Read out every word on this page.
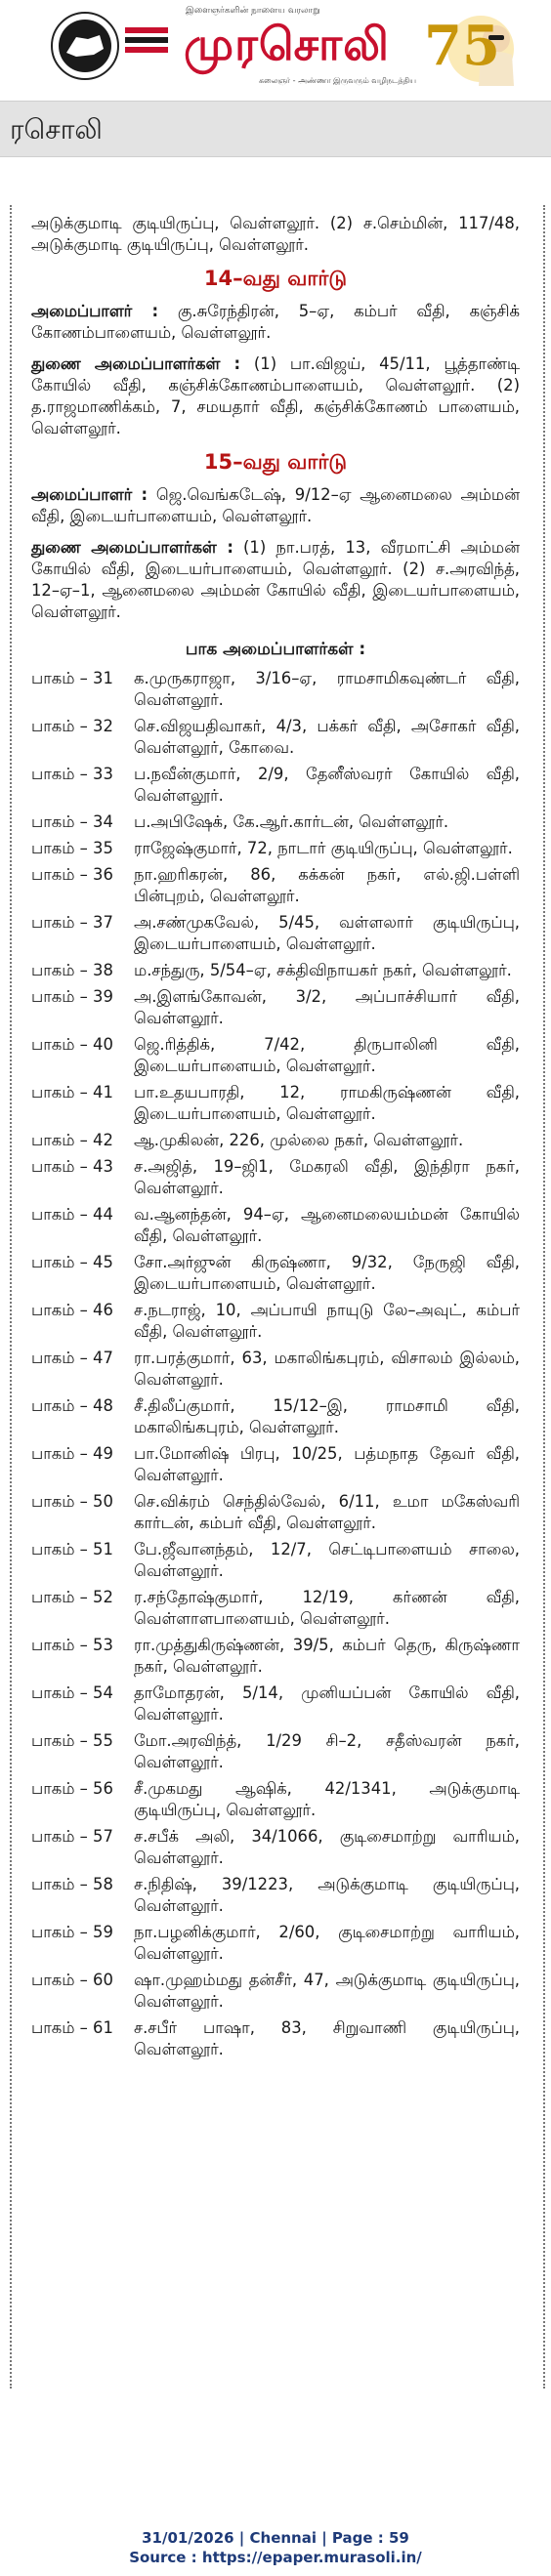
இளைஞர்களின் நாளைய வரலாறு
முரசொலி
கலைஞர் - அண்ணா இருவரும் வழிநடத்திய
75
ரசொலி

அடுக்குமாடி குடியிருப்பு, வெள்ளலூர். (2) ச.செம்மின், 117/48, அடுக்குமாடி குடியிருப்பு, வெள்ளலூர்.

14–வது வார்டு

அமைப்பாளர் : கு.சுரேந்திரன், 5–ஏ, கம்பர் வீதி, கஞ்சிக் கோணம்பாளையம், வெள்ளலூர்.

துணை அமைப்பாளர்கள் : (1) பா.விஜய், 45/11, பூத்தாண்டி கோயில் வீதி, கஞ்சிக்கோணம்பாளையம், வெள்ளலூர். (2) த.ராஜமாணிக்கம், 7, சமயதார் வீதி, கஞ்சிக்கோணம் பாளையம், வெள்ளலூர்.

15–வது வார்டு

அமைப்பாளர் : ஜெ.வெங்கடேஷ், 9/12–ஏ ஆனைமலை அம்மன் வீதி, இடையர்பாளையம், வெள்ளலூர்.

துணை அமைப்பாளர்கள் : (1) நா.பரத், 13, வீரமாட்சி அம்மன் கோயில் வீதி, இடையர்பாளையம், வெள்ளலூர். (2) ச.அரவிந்த், 12–ஏ–1, ஆனைமலை அம்மன் கோயில் வீதி, இடையர்பாளையம், வெள்ளலூர்.

பாக அமைப்பாளர்கள் :
பாகம் – 31	க.முருகராஜா, 3/16–ஏ, ராமசாமிகவுண்டர் வீதி, வெள்ளலூர்.
பாகம் – 32	செ.விஜயதிவாகர், 4/3, பக்கர் வீதி, அசோகர் வீதி, வெள்ளலூர், கோவை.
பாகம் – 33	ப.நவீன்குமார், 2/9, தேனீஸ்வரர் கோயில் வீதி, வெள்ளலூர்.
பாகம் – 34	ப.அபிஷேக், கே.ஆர்.கார்டன், வெள்ளலூர்.
பாகம் – 35	ராஜேஷ்குமார், 72, நாடார் குடியிருப்பு, வெள்ளலூர்.
பாகம் – 36	நா.ஹரிகரன், 86, கக்கன் நகர், எல்.ஜி.பள்ளி பின்புறம், வெள்ளலூர்.
பாகம் – 37	அ.சண்முகவேல், 5/45, வள்ளலார் குடியிருப்பு, இடையர்பாளையம், வெள்ளலூர்.
பாகம் – 38	ம.சந்துரு, 5/54–ஏ, சக்திவிநாயகர் நகர், வெள்ளலூர்.
பாகம் – 39	அ.இளங்கோவன், 3/2, அப்பாச்சியார் வீதி, வெள்ளலூர்.
பாகம் – 40	ஜெ.ரித்திக், 7/42, திருபாலினி வீதி, இடையர்பாளையம், வெள்ளலூர்.
பாகம் – 41	பா.உதயபாரதி, 12, ராமகிருஷ்ணன் வீதி, இடையர்பாளையம், வெள்ளலூர்.
பாகம் – 42	ஆ.முகிலன், 226, முல்லை நகர், வெள்ளலூர்.
பாகம் – 43	ச.அஜித், 19–ஜி1, மேகரலி வீதி, இந்திரா நகர், வெள்ளலூர்.
பாகம் – 44	வ.ஆனந்தன், 94–ஏ, ஆனைமலையம்மன் கோயில் வீதி, வெள்ளலூர்.
பாகம் – 45	சோ.அர்ஜுன் கிருஷ்ணா, 9/32, நேருஜி வீதி, இடையர்பாளையம், வெள்ளலூர்.
பாகம் – 46	ச.நடராஜ், 10, அப்பாயி நாயுடு லே–அவுட், கம்பர் வீதி, வெள்ளலூர்.
பாகம் – 47	ரா.பரத்குமார், 63, மகாலிங்கபுரம், விசாலம் இல்லம், வெள்ளலூர்.
பாகம் – 48	சீ.திலீப்குமார், 15/12–இ, ராமசாமி வீதி, மகாலிங்கபுரம், வெள்ளலூர்.
பாகம் – 49	பா.மோனிஷ் பிரபு, 10/25, பத்மநாத தேவர் வீதி, வெள்ளலூர்.
பாகம் – 50	செ.விக்ரம் செந்தில்வேல், 6/11, உமா மகேஸ்வரி கார்டன், கம்பர் வீதி, வெள்ளலூர்.
பாகம் – 51	பே.ஜீவானந்தம், 12/7, செட்டிபாளையம் சாலை, வெள்ளலூர்.
பாகம் – 52	ர.சந்தோஷ்குமார், 12/19, கர்ணன் வீதி, வெள்ளாளபாளையம், வெள்ளலூர்.
பாகம் – 53	ரா.முத்துகிருஷ்ணன், 39/5, கம்பர் தெரு, கிருஷ்ணா நகர், வெள்ளலூர்.
பாகம் – 54	தாமோதரன், 5/14, முனியப்பன் கோயில் வீதி, வெள்ளலூர்.
பாகம் – 55	மோ.அரவிந்த், 1/29 சி–2, சதீஸ்வரன் நகர், வெள்ளலூர்.
பாகம் – 56	சீ.முகமது ஆஷிக், 42/1341, அடுக்குமாடி குடியிருப்பு, வெள்ளலூர்.
பாகம் – 57	ச.சபீக் அலி, 34/1066, குடிசைமாற்று வாரியம், வெள்ளலூர்.
பாகம் – 58	ச.நிதிஷ், 39/1223, அடுக்குமாடி குடியிருப்பு, வெள்ளலூர்.
பாகம் – 59	நா.பழனிக்குமார், 2/60, குடிசைமாற்று வாரியம், வெள்ளலூர்.
பாகம் – 60	ஷா.முஹம்மது தன்சீர், 47, அடுக்குமாடி குடியிருப்பு, வெள்ளலூர்.
பாகம் – 61	ச.சபீர் பாஷா, 83, சிறுவாணி குடியிருப்பு, வெள்ளலூர்.
31/01/2026 | Chennai | Page : 59
Source : https://epaper.murasoli.in/
